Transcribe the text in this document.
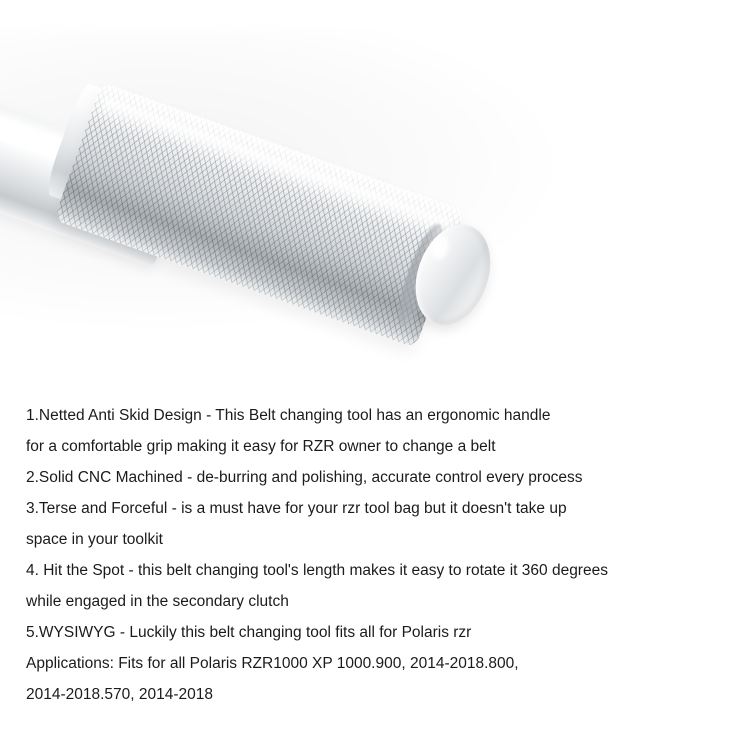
1.Netted Anti Skid Design - This Belt changing tool has an ergonomic handle
for a comfortable grip making it easy for RZR owner to change a belt
2.Solid CNC Machined - de-burring and polishing, accurate control every process
3.Terse and Forceful - is a must have for your rzr tool bag but it doesn't take up
space in your toolkit
4. Hit the Spot - this belt changing tool's length makes it easy to rotate it 360 degrees
while engaged in the secondary clutch
5.WYSIWYG - Luckily this belt changing tool fits all for Polaris rzr
Applications: Fits for all Polaris RZR1000 XP 1000.900, 2014-2018.800,
2014-2018.570, 2014-2018
